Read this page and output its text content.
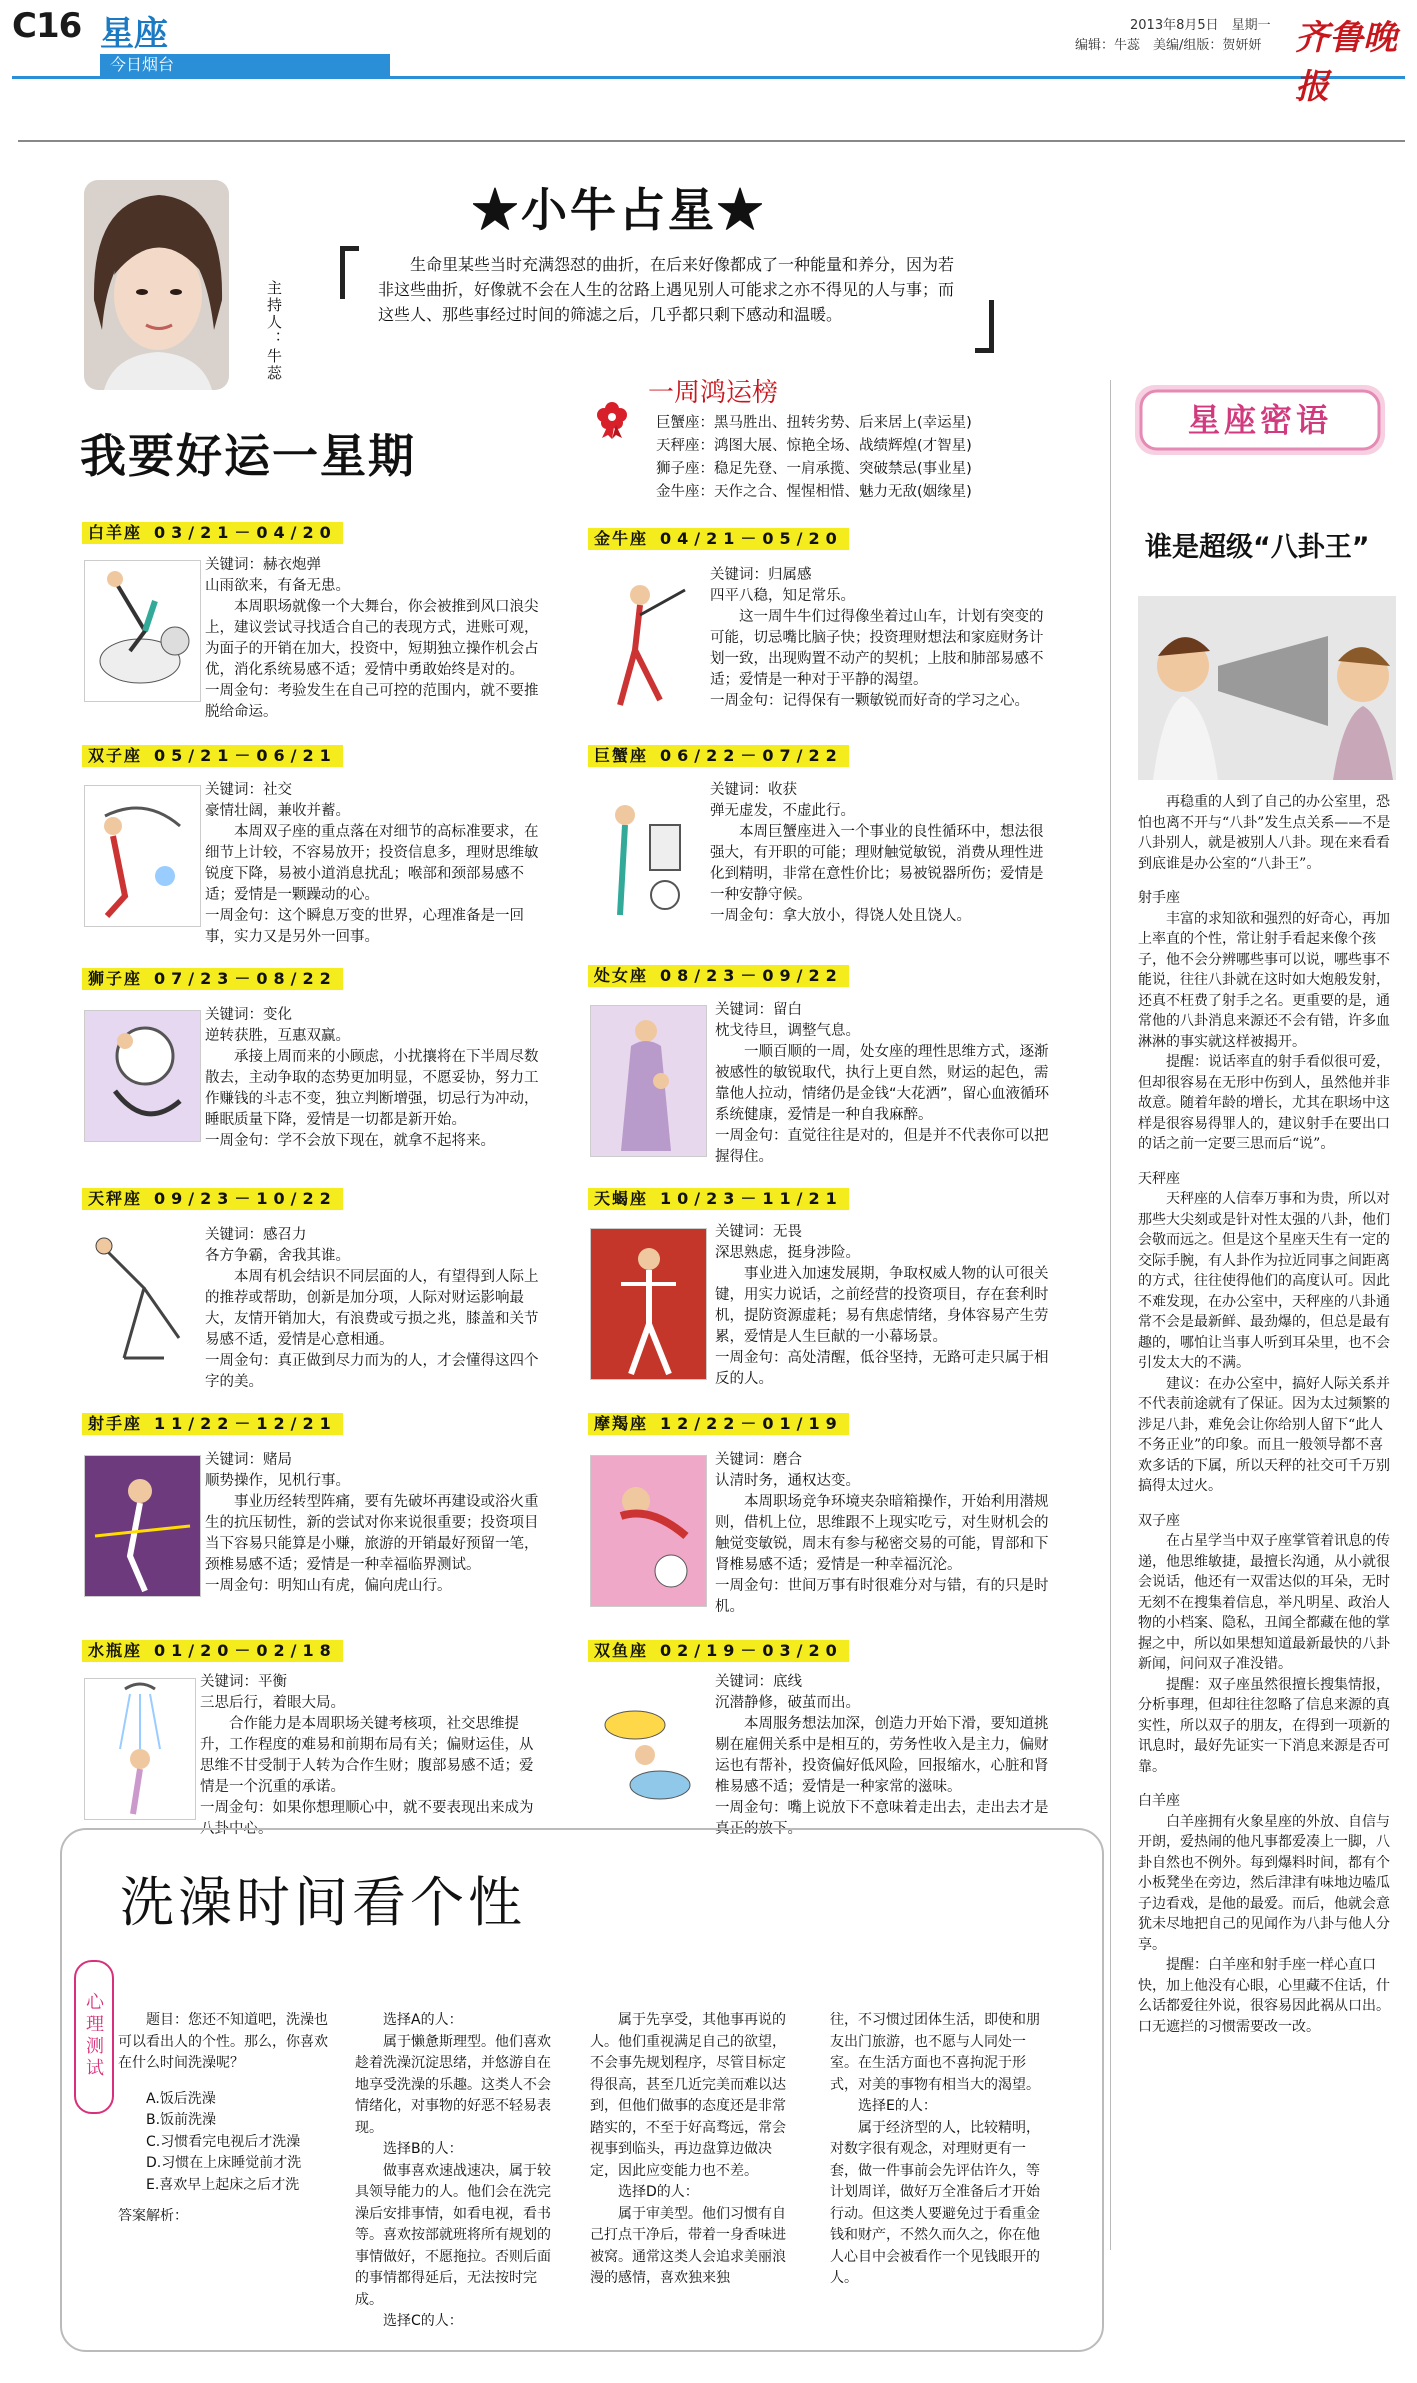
C16 星座
今日烟台
2013年8月5日　星期一
编辑：牛蕊　美编/组版：贺妍妍 齐鲁晚报
主持人：牛蕊
★小牛占星★
生命里某些当时充满怨怼的曲折，在后来好像都成了一种能量和养分，因为若非这些曲折，好像就不会在人生的岔路上遇见别人可能求之亦不得见的人与事；而这些人、那些事经过时间的筛滤之后，几乎都只剩下感动和温暖。
一周鸿运榜
巨蟹座：黑马胜出、扭转劣势、后来居上(幸运星)
天秤座：鸿图大展、惊艳全场、战绩辉煌(才智星)
狮子座：稳足先登、一肩承揽、突破禁忌(事业星)
金牛座：天作之合、惺惺相惜、魅力无敌(姻缘星)
我要好运一星期
白羊座 03/21－04/20

关键词：赫衣炮弹

山雨欲来，有备无患。

本周职场就像一个大舞台，你会被推到风口浪尖上，建议尝试寻找适合自己的表现方式，进账可观，为面子的开销在加大，投资中，短期独立操作机会占优，消化系统易感不适；爱情中勇敢始终是对的。

一周金句：考验发生在自己可控的范围内，就不要推脱给命运。

双子座 05/21－06/21

关键词：社交

豪情壮阔，兼收并蓄。

本周双子座的重点落在对细节的高标准要求，在细节上计较，不容易放开；投资信息多，理财思维敏锐度下降，易被小道消息扰乱；喉部和颈部易感不适；爱情是一颗躁动的心。

一周金句：这个瞬息万变的世界，心理准备是一回事，实力又是另外一回事。

狮子座 07/23－08/22

关键词：变化

逆转获胜，互惠双赢。

承接上周而来的小顾虑，小扰攘将在下半周尽数散去，主动争取的态势更加明显，不愿妥协，努力工作赚钱的斗志不变，独立判断增强，切忌行为冲动，睡眠质量下降，爱情是一切都是新开始。

一周金句：学不会放下现在，就拿不起将来。

天秤座 09/23－10/22

关键词：感召力

各方争霸，舍我其谁。

本周有机会结识不同层面的人，有望得到人际上的推荐或帮助，创新是加分项，人际对财运影响最大，友情开销加大，有浪费或亏损之兆，膝盖和关节易感不适，爱情是心意相通。

一周金句：真正做到尽力而为的人，才会懂得这四个字的美。

射手座 11/22－12/21

关键词：赌局

顺势操作，见机行事。

事业历经转型阵痛，要有先破坏再建设或浴火重生的抗压韧性，新的尝试对你来说很重要；投资项目当下容易只能算是小赚，旅游的开销最好预留一笔，颈椎易感不适；爱情是一种幸福临界测试。

一周金句：明知山有虎，偏向虎山行。

水瓶座 01/20－02/18

关键词：平衡

三思后行，着眼大局。

合作能力是本周职场关键考核项，社交思维提升，工作程度的难易和前期布局有关；偏财运佳，从思维不甘受制于人转为合作生财；腹部易感不适；爱情是一个沉重的承诺。

一周金句：如果你想理顺心中，就不要表现出来成为八卦中心。

金牛座 04/21－05/20

关键词：归属感

四平八稳，知足常乐。

这一周牛牛们过得像坐着过山车，计划有突变的可能，切忌嘴比脑子快；投资理财想法和家庭财务计划一致，出现购置不动产的契机；上肢和肺部易感不适；爱情是一种对于平静的渴望。

一周金句：记得保有一颗敏锐而好奇的学习之心。

巨蟹座 06/22－07/22

关键词：收获

弹无虚发，不虚此行。

本周巨蟹座进入一个事业的良性循环中，想法很强大，有开职的可能；理财触觉敏锐，消费从理性进化到精明，非常在意性价比；易被锐器所伤；爱情是一种安静守候。

一周金句：拿大放小，得饶人处且饶人。

处女座 08/23－09/22

关键词：留白

枕戈待旦，调整气息。

一顺百顺的一周，处女座的理性思维方式，逐渐被感性的敏锐取代，执行上更自然，财运的起色，需靠他人拉动，情绪仍是金钱“大花洒”，留心血液循环系统健康，爱情是一种自我麻醉。

一周金句：直觉往往是对的，但是并不代表你可以把握得住。

天蝎座 10/23－11/21

关键词：无畏

深思熟虑，挺身涉险。

事业进入加速发展期，争取权威人物的认可很关键，用实力说话，之前经营的投资项目，存在套利时机，提防资源虚耗；易有焦虑情绪，身体容易产生劳累，爱情是人生巨献的一小幕场景。

一周金句：高处清醒，低谷坚持，无路可走只属于相反的人。

摩羯座 12/22－01/19

关键词：磨合

认清时务，通权达变。

本周职场竞争环境夹杂暗箱操作，开始利用潜规则，借机上位，思维跟不上现实吃亏，对生财机会的触觉变敏锐，周末有参与秘密交易的可能，胃部和下肾椎易感不适；爱情是一种幸福沉沦。

一周金句：世间万事有时很难分对与错，有的只是时机。

双鱼座 02/19－03/20

关键词：底线

沉潜静修，破茧而出。

本周服务想法加深，创造力开始下滑，要知道挑剔在雇佣关系中是相互的，劳务性收入是主力，偏财运也有帮补，投资偏好低风险，回报缩水，心脏和肾椎易感不适；爱情是一种家常的滋味。

一周金句：嘴上说放下不意味着走出去，走出去才是真正的放下。

星座密语
谁是超级“八卦王”

再稳重的人到了自己的办公室里，恐怕也离不开与“八卦”发生点关系——不是八卦别人，就是被别人八卦。现在来看看到底谁是办公室的“八卦王”。

射手座

丰富的求知欲和强烈的好奇心，再加上率直的个性，常让射手看起来像个孩子，他不会分辨哪些事可以说，哪些事不能说，往往八卦就在这时如大炮般发射，还真不枉费了射手之名。更重要的是，通常他的八卦消息来源还不会有错，许多血淋淋的事实就这样被揭开。

提醒：说话率直的射手看似很可爱，但却很容易在无形中伤到人，虽然他并非故意。随着年龄的增长，尤其在职场中这样是很容易得罪人的，建议射手在要出口的话之前一定要三思而后“说”。

天秤座

天秤座的人信奉万事和为贵，所以对那些大尖刻或是针对性太强的八卦，他们会敬而远之。但是这个星座天生有一定的交际手腕，有人卦作为拉近同事之间距离的方式，往往使得他们的高度认可。因此不难发现，在办公室中，天秤座的八卦通常不会是最新鲜、最劲爆的，但总是最有趣的，哪怕让当事人听到耳朵里，也不会引发太大的不满。

建议：在办公室中，搞好人际关系并不代表前途就有了保证。因为太过频繁的涉足八卦，难免会让你给别人留下“此人不务正业”的印象。而且一般领导都不喜欢多话的下属，所以天秤的社交可千万别搞得太过火。

双子座

在占星学当中双子座掌管着讯息的传递，他思维敏捷，最擅长沟通，从小就很会说话，他还有一双雷达似的耳朵，无时无刻不在搜集着信息，举凡明星、政治人物的小档案、隐私，丑闻全都藏在他的掌握之中，所以如果想知道最新最快的八卦新闻，问问双子准没错。

提醒：双子座虽然很擅长搜集情报，分析事理，但却往往忽略了信息来源的真实性，所以双子的朋友，在得到一项新的讯息时，最好先证实一下消息来源是否可靠。

白羊座

白羊座拥有火象星座的外放、自信与开朗，爱热闹的他凡事都爱凑上一脚，八卦自然也不例外。每到爆料时间，都有个小板凳坐在旁边，然后津津有味地边嗑瓜子边看戏，是他的最爱。而后，他就会意犹未尽地把自己的见闻作为八卦与他人分享。

提醒：白羊座和射手座一样心直口快，加上他没有心眼，心里藏不住话，什么话都爱往外说，很容易因此祸从口出。口无遮拦的习惯需要改一改。

洗澡时间看个性
心理测试	题目：您还不知道吧，洗澡也可以看出人的个性。那么，你喜欢在什么时间洗澡呢？

A.饭后洗澡

B.饭前洗澡

C.习惯看完电视后才洗澡

D.习惯在上床睡觉前才洗

E.喜欢早上起床之后才洗

答案解析：

选择A的人：

属于懒惫斯理型。他们喜欢趁着洗澡沉淀思绪，并悠游自在地享受洗澡的乐趣。这类人不会情绪化，对事物的好恶不轻易表现。

选择B的人：

做事喜欢速战速决，属于较具领导能力的人。他们会在洗完澡后安排事情，如看电视，看书等。喜欢按部就班将所有规划的事情做好，不愿拖拉。否则后面的事情都得延后，无法按时完成。

选择C的人：

属于先享受，其他事再说的人。他们重视满足自己的欲望，不会事先规划程序，尽管目标定得很高，甚至几近完美而难以达到，但他们做事的态度还是非常踏实的，不至于好高骛远，常会视事到临头，再边盘算边做决定，因此应变能力也不差。

选择D的人：

属于审美型。他们习惯有自己打点干净后，带着一身香味进被窝。通常这类人会追求美丽浪漫的感情，喜欢独来独

往，不习惯过团体生活，即使和朋友出门旅游，也不愿与人同处一室。在生活方面也不喜拘泥于形式，对美的事物有相当大的渴望。

选择E的人：

属于经济型的人，比较精明，对数字很有观念，对理财更有一套，做一件事前会先评估许久，等计划周详，做好万全准备后才开始行动。但这类人要避免过于看重金钱和财产，不然久而久之，你在他人心目中会被看作一个见钱眼开的人。
